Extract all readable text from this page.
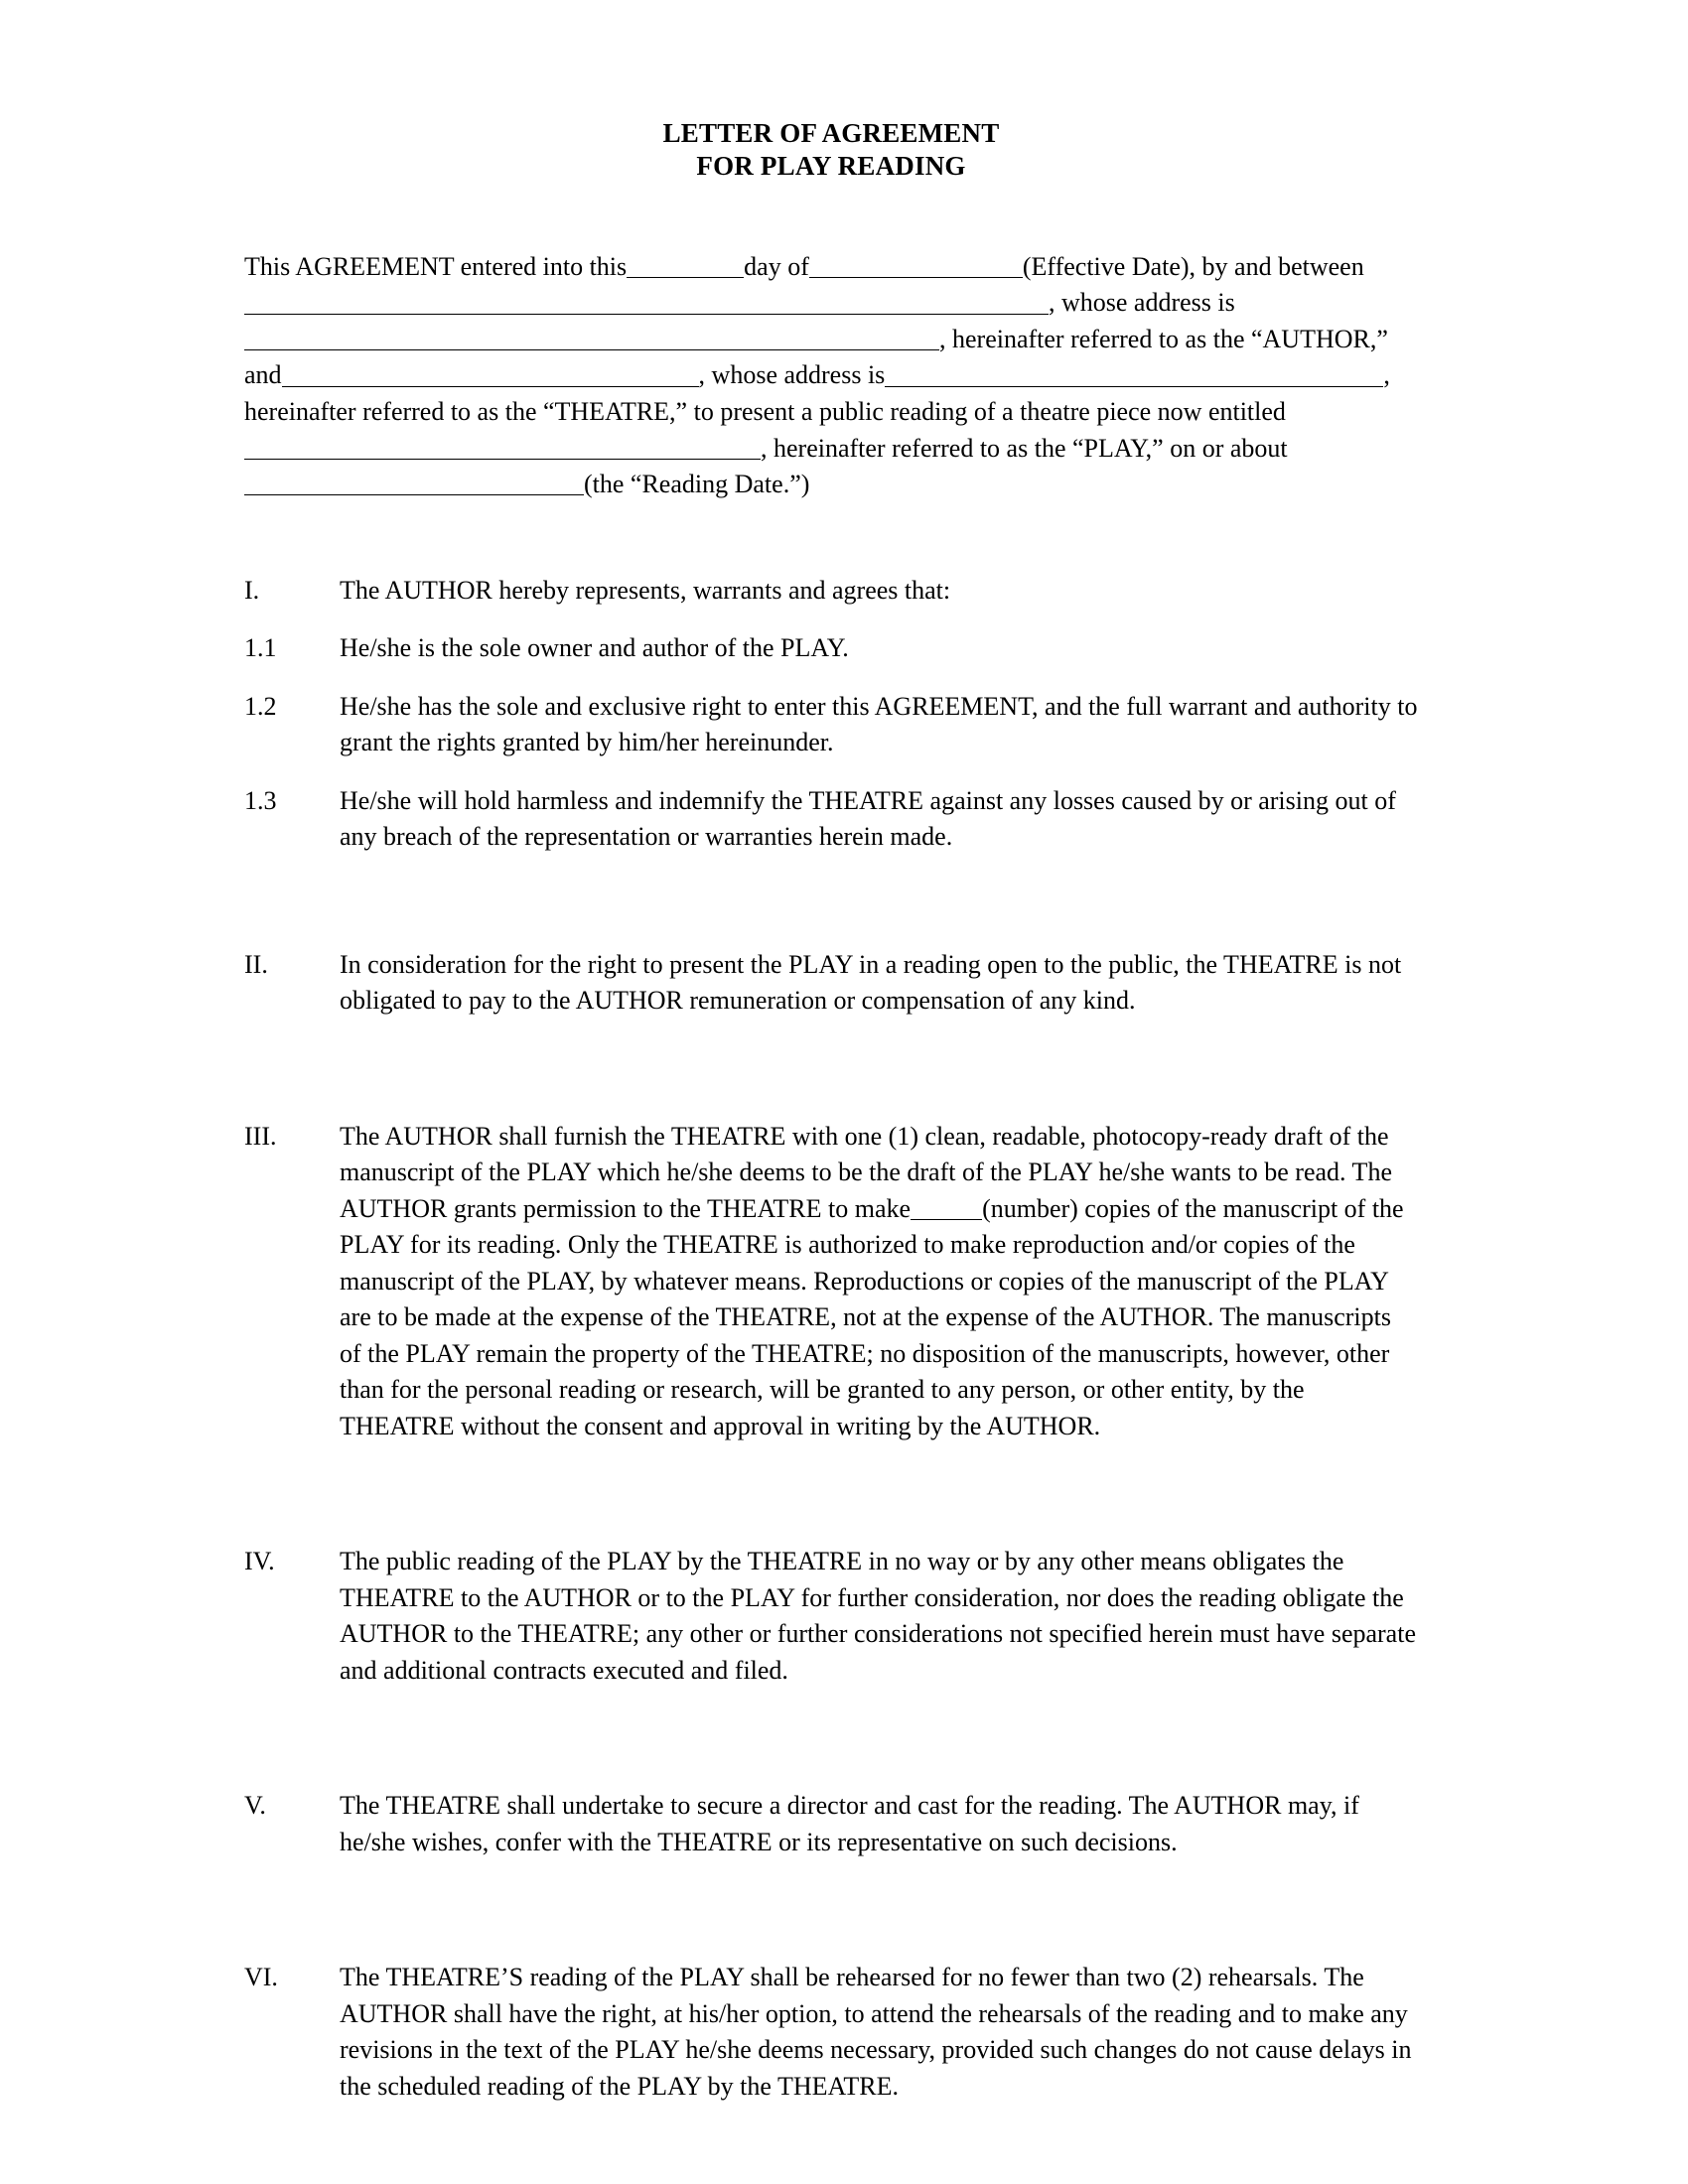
LETTER OF AGREEMENT
FOR PLAY READING

This AGREEMENT entered into this	day of	(Effective Date), by and between, whose address is, hereinafter referred to as the “AUTHOR,” and	, whose address is	, hereinafter referred to as the “THEATRE,” to present a public reading of a theatre piece now entitled, hereinafter referred to as the “PLAY,” on or about(the “Reading Date.”)

I.	The AUTHOR hereby represents, warrants and agrees that:
1.1	He/she is the sole owner and author of the PLAY.
1.2	He/she has the sole and exclusive right to enter this AGREEMENT, and the full warrant and authority to grant the rights granted by him/her hereinunder.
1.3	He/she will hold harmless and indemnify the THEATRE against any losses caused by or arising out of any breach of the representation or warranties herein made.
II.	In consideration for the right to present the PLAY in a reading open to the public, the THEATRE is not obligated to pay to the AUTHOR remuneration or compensation of any kind.
III.	The AUTHOR shall furnish the THEATRE with one (1) clean, readable, photocopy-ready draft of the manuscript of the PLAY which he/she deems to be the draft of the PLAY he/she wants to be read. The AUTHOR grants permission to the THEATRE to make	(number) copies of the manuscript of the PLAY for its reading. Only the THEATRE is authorized to make reproduction and/or copies of the manuscript of the PLAY, by whatever means. Reproductions or copies of the manuscript of the PLAY are to be made at the expense of the THEATRE, not at the expense of the AUTHOR. The manuscripts of the PLAY remain the property of the THEATRE; no disposition of the manuscripts, however, other than for the personal reading or research, will be granted to any person, or other entity, by the THEATRE without the consent and approval in writing by the AUTHOR.
IV.	The public reading of the PLAY by the THEATRE in no way or by any other means obligates the THEATRE to the AUTHOR or to the PLAY for further consideration, nor does the reading obligate the AUTHOR to the THEATRE; any other or further considerations not specified herein must have separate and additional contracts executed and filed.
V.	The THEATRE shall undertake to secure a director and cast for the reading. The AUTHOR may, if he/she wishes, confer with the THEATRE or its representative on such decisions.
VI.	The THEATRE’S reading of the PLAY shall be rehearsed for no fewer than two (2) rehearsals. The AUTHOR shall have the right, at his/her option, to attend the rehearsals of the reading and to make any revisions in the text of the PLAY he/she deems necessary, provided such changes do not cause delays in the scheduled reading of the PLAY by the THEATRE.
